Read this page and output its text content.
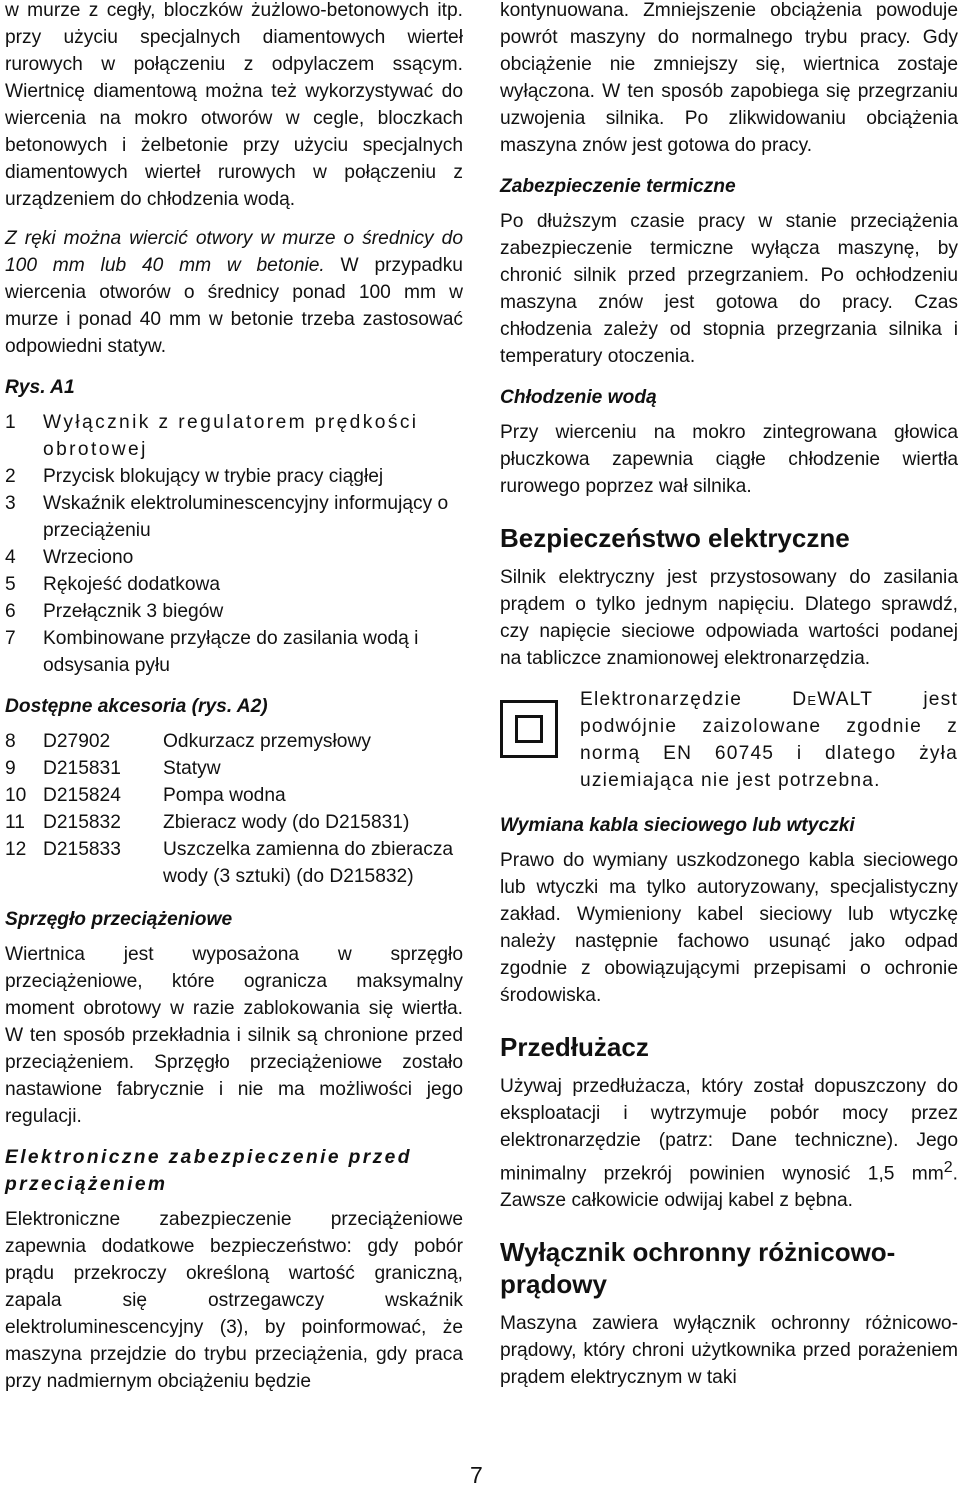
w murze z cegły, bloczków żużlowo-betonowych itp. przy użyciu specjalnych diamentowych wierteł rurowych w połączeniu z odpylaczem ssącym. Wiertnicę diamentową można też wykorzystywać do wiercenia na mokro otworów w cegle, bloczkach betonowych i żelbetonie przy użyciu specjalnych diamentowych wierteł rurowych w połączeniu z urządzeniem do chłodzenia wodą.

Z ręki można wiercić otwory w murze o średnicy do 100 mm lub 40 mm w betonie. W przypadku wiercenia otworów o średnicy ponad 100 mm w murze i ponad 40 mm w betonie trzeba zastosować odpowiedni statyw.

Rys. A1
1	Wyłącznik z regulatorem prędkości obrotowej
2	Przycisk blokujący w trybie pracy ciągłej
3	Wskaźnik elektroluminescencyjny informujący o przeciążeniu
4	Wrzeciono
5	Rękojeść dodatkowa
6	Przełącznik 3 biegów
7	Kombinowane przyłącze do zasilania wodą i odsysania pyłu
Dostępne akcesoria (rys. A2)
8	D27902	Odkurzacz przemysłowy
9	D215831	Statyw
10 D215824	Pompa wodna
11 D215832	Zbieracz wody (do D215831)
12 D215833	Uszczelka zamienna do zbieracza wody (3 sztuki) (do D215832)
Sprzęgło przeciążeniowe

Wiertnica jest wyposażona w sprzęgło przeciążeniowe, które ogranicza maksymalny moment obrotowy w razie zablokowania się wiertła. W ten sposób przekładnia i silnik są chronione przed przeciążeniem. Sprzęgło przeciążeniowe zostało nastawione fabrycznie i nie ma możliwości jego regulacji.

Elektroniczne zabezpieczenie przed przeciążeniem

Elektroniczne zabezpieczenie przeciążeniowe zapewnia dodatkowe bezpieczeństwo: gdy pobór prądu przekroczy określoną wartość graniczną, zapala się ostrzegawczy wskaźnik elektroluminescencyjny (3), by poinformować, że maszyna przejdzie do trybu przeciążenia, gdy praca przy nadmiernym obciążeniu będzie

kontynuowana. Zmniejszenie obciążenia powoduje powrót maszyny do normalnego trybu pracy. Gdy obciążenie nie zmniejszy się, wiertnica zostaje wyłączona. W ten sposób zapobiega się przegrzaniu uzwojenia silnika. Po zlikwidowaniu obciążenia maszyna znów jest gotowa do pracy.

Zabezpieczenie termiczne

Po dłuższym czasie pracy w stanie przeciążenia zabezpieczenie termiczne wyłącza maszynę, by chronić silnik przed przegrzaniem. Po ochłodzeniu maszyna znów jest gotowa do pracy. Czas chłodzenia zależy od stopnia przegrzania silnika i temperatury otoczenia.

Chłodzenie wodą

Przy wierceniu na mokro zintegrowana głowica płuczkowa zapewnia ciągłe chłodzenie wiertła rurowego poprzez wał silnika.

Bezpieczeństwo elektryczne

Silnik elektryczny jest przystosowany do zasilania prądem o tylko jednym napięciu. Dlatego sprawdź, czy napięcie sieciowe odpowiada wartości podanej na tabliczce znamionowej elektronarzędzia.

Elektronarzędzie DeWALT jest podwójnie zaizolowane zgodnie z normą EN 60745 i dlatego żyła uziemiająca nie jest potrzebna.
Wymiana kabla sieciowego lub wtyczki

Prawo do wymiany uszkodzonego kabla sieciowego lub wtyczki ma tylko autoryzowany, specjalistyczny zakład. Wymieniony kabel sieciowy lub wtyczkę należy następnie fachowo usunąć jako odpad zgodnie z obowiązującymi przepisami o ochronie środowiska.

Przedłużacz

Używaj przedłużacza, który został dopuszczony do eksploatacji i wytrzymuje pobór mocy przez elektronarzędzie (patrz: Dane techniczne). Jego minimalny przekrój powinien wynosić 1,5 $mm^2$. Zawsze całkowicie odwijaj kabel z bębna.

Wyłącznik ochronny różnicowo-prądowy

Maszyna zawiera wyłącznik ochronny różnicowo-prądowy, który chroni użytkownika przed porażeniem prądem elektrycznym w taki

7
